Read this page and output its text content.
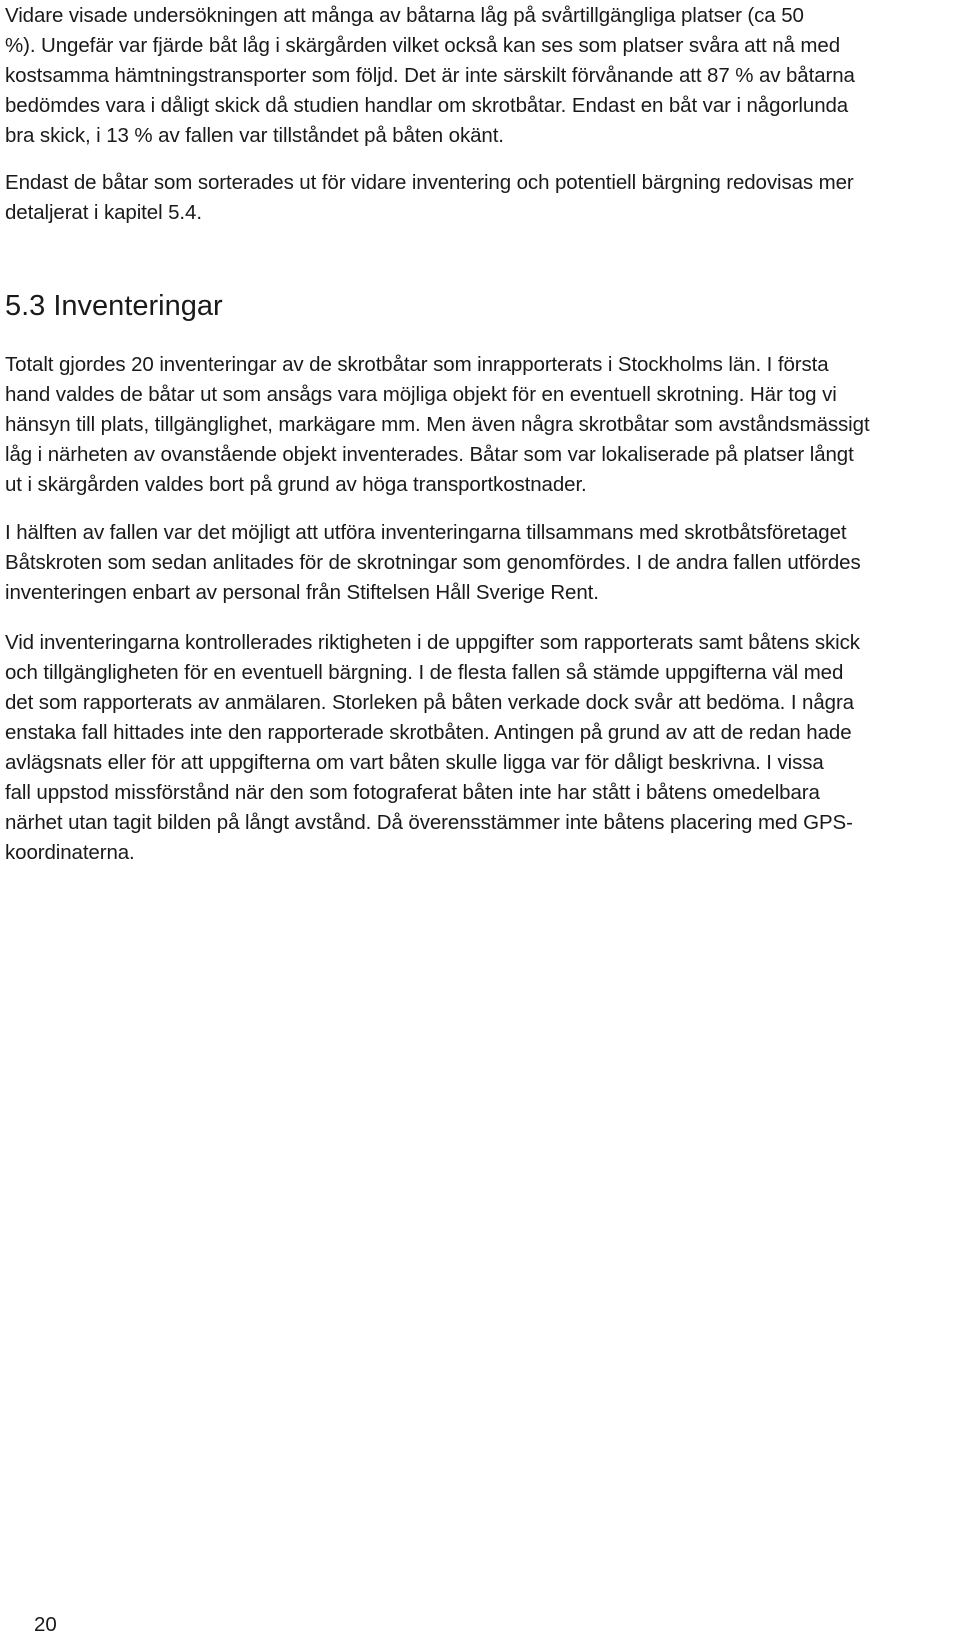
Vidare visade undersökningen att många av båtarna låg på svårtillgängliga platser (ca 50
%). Ungefär var fjärde båt låg i skärgården vilket också kan ses som platser svåra att nå med
kostsamma hämtningstransporter som följd. Det är inte särskilt förvånande att 87 % av båtarna
bedömdes vara i dåligt skick då studien handlar om skrotbåtar. Endast en båt var i någorlunda
bra skick, i 13 % av fallen var tillståndet på båten okänt.
Endast de båtar som sorterades ut för vidare inventering och potentiell bärgning redovisas mer
detaljerat i kapitel 5.4.
5.3 Inventeringar
Totalt gjordes 20 inventeringar av de skrotbåtar som inrapporterats i Stockholms län. I första
hand valdes de båtar ut som ansågs vara möjliga objekt för en eventuell skrotning. Här tog vi
hänsyn till plats, tillgänglighet, markägare mm. Men även några skrotbåtar som avståndsmässigt
låg i närheten av ovanstående objekt inventerades. Båtar som var lokaliserade på platser långt
ut i skärgården valdes bort på grund av höga transportkostnader.
I hälften av fallen var det möjligt att utföra inventeringarna tillsammans med skrotbåtsföretaget
Båtskroten som sedan anlitades för de skrotningar som genomfördes. I de andra fallen utfördes
inventeringen enbart av personal från Stiftelsen Håll Sverige Rent.
Vid inventeringarna kontrollerades riktigheten i de uppgifter som rapporterats samt båtens skick
och tillgängligheten för en eventuell bärgning. I de flesta fallen så stämde uppgifterna väl med
det som rapporterats av anmälaren. Storleken på båten verkade dock svår att bedöma. I några
enstaka fall hittades inte den rapporterade skrotbåten. Antingen på grund av att de redan hade
avlägsnats eller för att uppgifterna om vart båten skulle ligga var för dåligt beskrivna. I vissa
fall uppstod missförstånd när den som fotograferat båten inte har stått i båtens omedelbara
närhet utan tagit bilden på långt avstånd. Då överensstämmer inte båtens placering med GPS-
koordinaterna.
20
